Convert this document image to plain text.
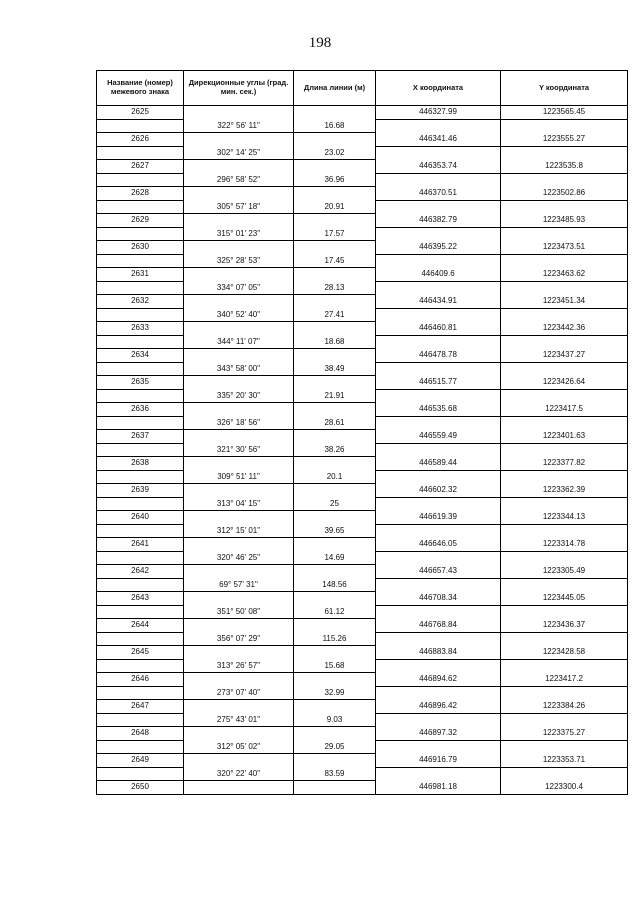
198
Название (номер) межевого знака	Дирекционные углы (град. мин. сек.)	Длина линии (м)	X координата	Y координата
2625			446327.99	1223565.45
	322° 56' 11"	16.68		
2626			446341.46	1223555.27
	302° 14' 25"	23.02		
2627			446353.74	1223535.8
	296° 58' 52"	36.96		
2628			446370.51	1223502.86
	305° 57' 18"	20.91		
2629			446382.79	1223485.93
	315° 01' 23"	17.57		
2630			446395.22	1223473.51
	325° 28' 53"	17.45		
2631			446409.6	1223463.62
	334° 07' 05"	28.13		
2632			446434.91	1223451.34
	340° 52' 40"	27.41		
2633			446460.81	1223442.36
	344° 11' 07"	18.68		
2634			446478.78	1223437.27
	343° 58' 00"	38.49		
2635			446515.77	1223426.64
	335° 20' 30"	21.91		
2636			446535.68	1223417.5
	326° 18' 56"	28.61		
2637			446559.49	1223401.63
	321° 30' 56"	38.26		
2638			446589.44	1223377.82
	309° 51' 11"	20.1		
2639			446602.32	1223362.39
	313° 04' 15"	25		
2640			446619.39	1223344.13
	312° 15' 01"	39.65		
2641			446646.05	1223314.78
	320° 46' 25"	14.69		
2642			446657.43	1223305.49
	69° 57' 31"	148.56		
2643			446708.34	1223445.05
	351° 50' 08"	61.12		
2644			446768.84	1223436.37
	356° 07' 29"	115.26		
2645			446883.84	1223428.58
	313° 26' 57"	15.68		
2646			446894.62	1223417.2
	273° 07' 40"	32.99		
2647			446896.42	1223384.26
	275° 43' 01"	9.03		
2648			446897.32	1223375.27
	312° 05' 02"	29.05		
2649			446916.79	1223353.71
	320° 22' 40"	83.59		
2650			446981.18	1223300.4
